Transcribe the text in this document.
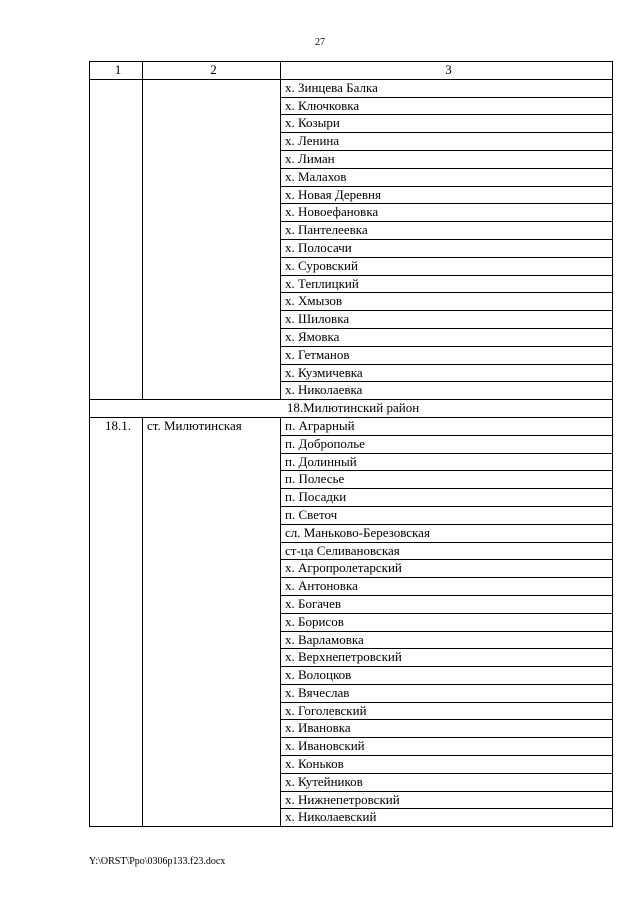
27
1	2	3
		х. Зинцева Балка
		х. Ключковка
		х. Козыри
		х. Ленина
		х. Лиман
		х. Малахов
		х. Новая Деревня
		х. Новоефановка
		х. Пантелеевка
		х. Полосачи
		х. Суровский
		х. Теплицкий
		х. Хмызов
		х. Шиловка
		х. Ямовка
		х. Гетманов
		х. Кузмичевка
		х. Николаевка
18.Милютинский район		
18.1.	ст. Милютинская	п. Аграрный
		п. Доброполье
		п. Долинный
		п. Полесье
		п. Посадки
		п. Светоч
		сл. Маньково-Березовская
		ст-ца Селивановская
		х. Агропролетарский
		х. Антоновка
		х. Богачев
		х. Борисов
		х. Варламовка
		х. Верхнепетровский
		х. Волоцков
		х. Вячеслав
		х. Гоголевский
		х. Ивановка
		х. Ивановский
		х. Коньков
		х. Кутейников
		х. Нижнепетровский
		х. Николаевский
Y:\ORST\Ppo\0306p133.f23.docx
